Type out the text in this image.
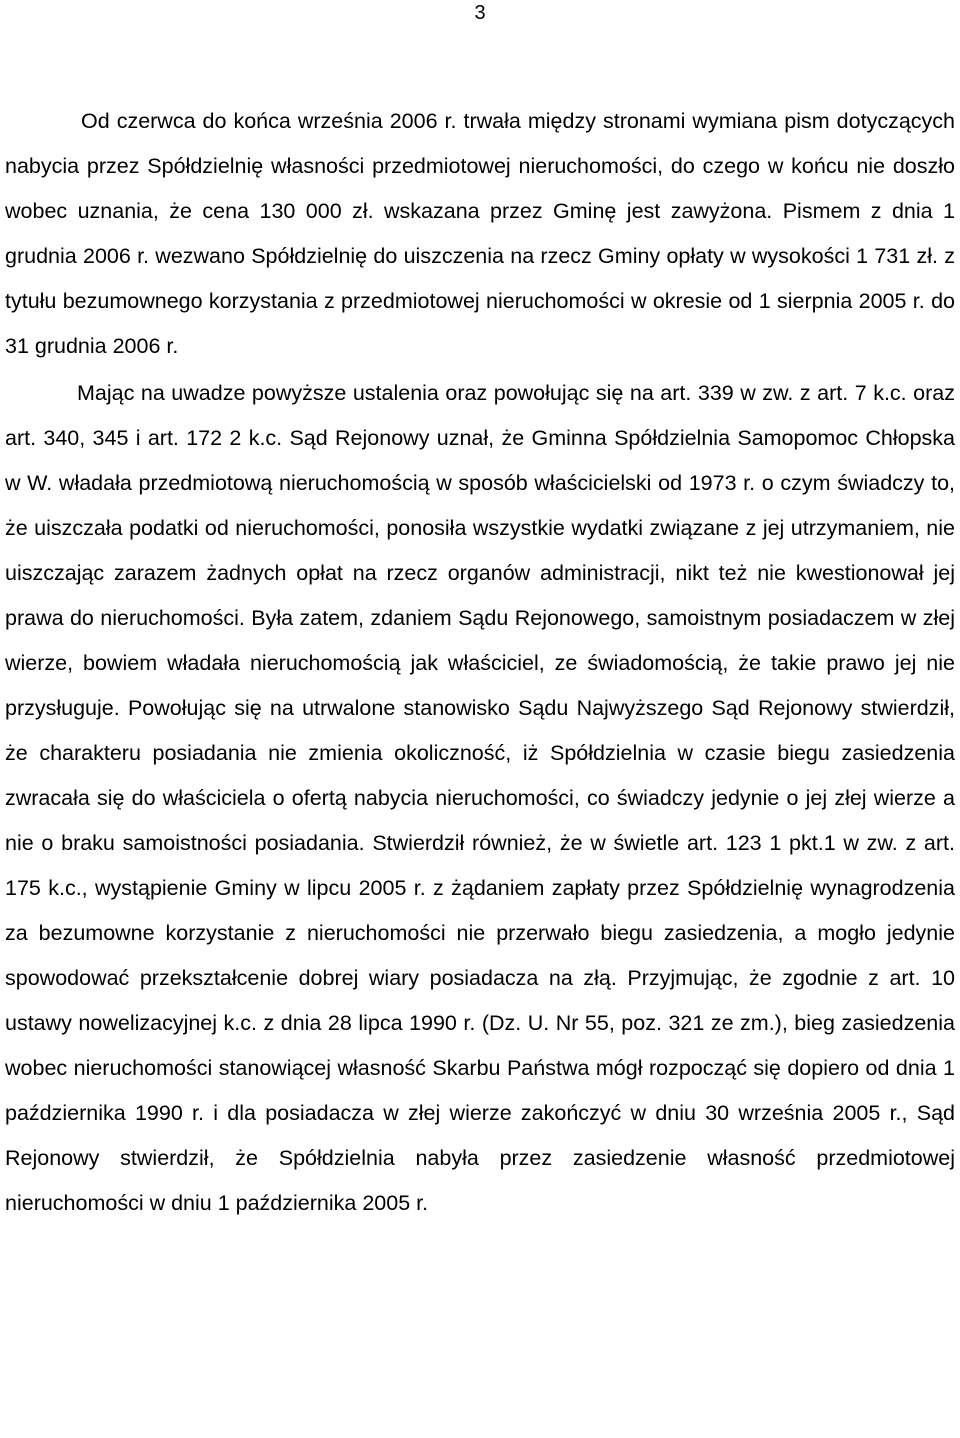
3

Od czerwca do końca września 2006 r. trwała między stronami wymiana pism dotyczących nabycia przez Spółdzielnię własności przedmiotowej nieruchomości, do czego w końcu nie doszło wobec uznania, że cena 130 000 zł. wskazana przez Gminę jest zawyżona. Pismem z dnia 1 grudnia 2006 r. wezwano Spółdzielnię do uiszczenia na rzecz Gminy opłaty w wysokości 1 731 zł. z tytułu bezumownego korzystania z przedmiotowej nieruchomości w okresie od 1 sierpnia 2005 r. do 31 grudnia 2006 r.

Mając na uwadze powyższe ustalenia oraz powołując się na art. 339 w zw. z art. 7 k.c. oraz art. 340, 345 i art. 172 2 k.c. Sąd Rejonowy uznał, że Gminna Spółdzielnia Samopomoc Chłopska w W. władała przedmiotową nieruchomością w sposób właścicielski od 1973 r. o czym świadczy to, że uiszczała podatki od nieruchomości, ponosiła wszystkie wydatki związane z jej utrzymaniem, nie uiszczając zarazem żadnych opłat na rzecz organów administracji, nikt też nie kwestionował jej prawa do nieruchomości. Była zatem, zdaniem Sądu Rejonowego, samoistnym posiadaczem w złej wierze, bowiem władała nieruchomością jak właściciel, ze świadomością, że takie prawo jej nie przysługuje. Powołując się na utrwalone stanowisko Sądu Najwyższego Sąd Rejonowy stwierdził, że charakteru posiadania nie zmienia okoliczność, iż Spółdzielnia w czasie biegu zasiedzenia zwracała się do właściciela o ofertą nabycia nieruchomości, co świadczy jedynie o jej złej wierze a nie o braku samoistności posiadania. Stwierdził również, że w świetle art. 123 1 pkt.1 w zw. z art. 175 k.c., wystąpienie Gminy w lipcu 2005 r. z żądaniem zapłaty przez Spółdzielnię wynagrodzenia za bezumowne korzystanie z nieruchomości nie przerwało biegu zasiedzenia, a mogło jedynie spowodować przekształcenie dobrej wiary posiadacza na złą. Przyjmując, że zgodnie z art. 10 ustawy nowelizacyjnej k.c. z dnia 28 lipca 1990 r. (Dz. U. Nr 55, poz. 321 ze zm.), bieg zasiedzenia wobec nieruchomości stanowiącej własność Skarbu Państwa mógł rozpocząć się dopiero od dnia 1 października 1990 r. i dla posiadacza w złej wierze zakończyć w dniu 30 września 2005 r., Sąd Rejonowy stwierdził, że Spółdzielnia nabyła przez zasiedzenie własność przedmiotowej nieruchomości w dniu 1 października 2005 r.
